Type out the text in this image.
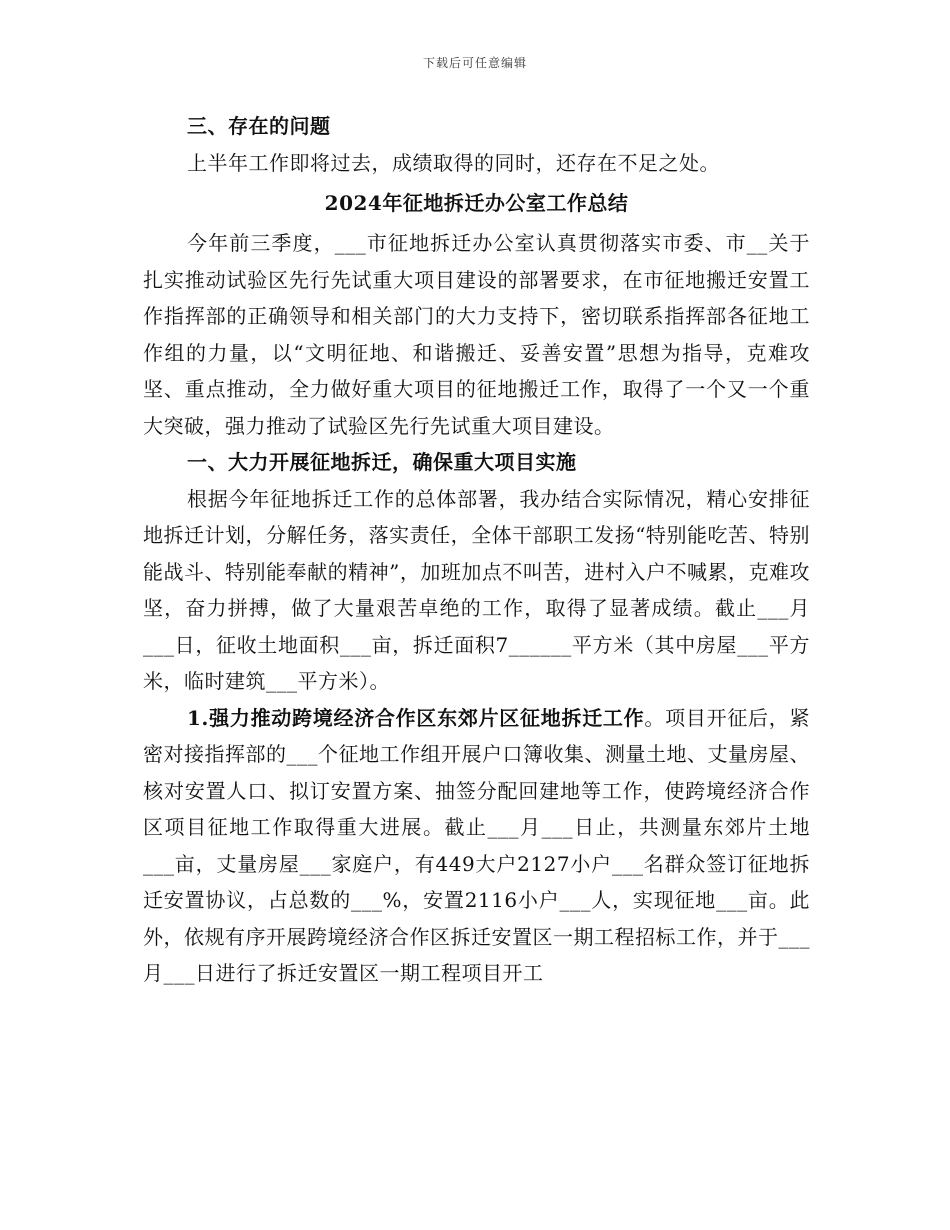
下载后可任意编辑

三、存在的问题

上半年工作即将过去，成绩取得的同时，还存在不足之处。

2024年征地拆迁办公室工作总结

今年前三季度，___市征地拆迁办公室认真贯彻落实市委、市__关于扎实推动试验区先行先试重大项目建设的部署要求，在市征地搬迁安置工作指挥部的正确领导和相关部门的大力支持下，密切联系指挥部各征地工作组的力量，以“文明征地、和谐搬迁、妥善安置”思想为指导，克难攻坚、重点推动，全力做好重大项目的征地搬迁工作，取得了一个又一个重大突破，强力推动了试验区先行先试重大项目建设。

一、大力开展征地拆迁，确保重大项目实施

根据今年征地拆迁工作的总体部署，我办结合实际情况，精心安排征地拆迁计划，分解任务，落实责任，全体干部职工发扬“特别能吃苦、特别能战斗、特别能奉献的精神”，加班加点不叫苦，进村入户不喊累，克难攻坚，奋力拼搏，做了大量艰苦卓绝的工作，取得了显著成绩。截止___月___日，征收土地面积___亩，拆迁面积7______平方米（其中房屋___平方米，临时建筑___平方米）。

1.强力推动跨境经济合作区东郊片区征地拆迁工作。项目开征后，紧密对接指挥部的___个征地工作组开展户口簿收集、测量土地、丈量房屋、核对安置人口、拟订安置方案、抽签分配回建地等工作，使跨境经济合作区项目征地工作取得重大进展。截止___月___日止，共测量东郊片土地___亩，丈量房屋___家庭户，有449大户2127小户___名群众签订征地拆迁安置协议，占总数的___%，安置2116小户___人，实现征地___亩。此外，依规有序开展跨境经济合作区拆迁安置区一期工程招标工作，并于___月___日进行了拆迁安置区一期工程项目开工
